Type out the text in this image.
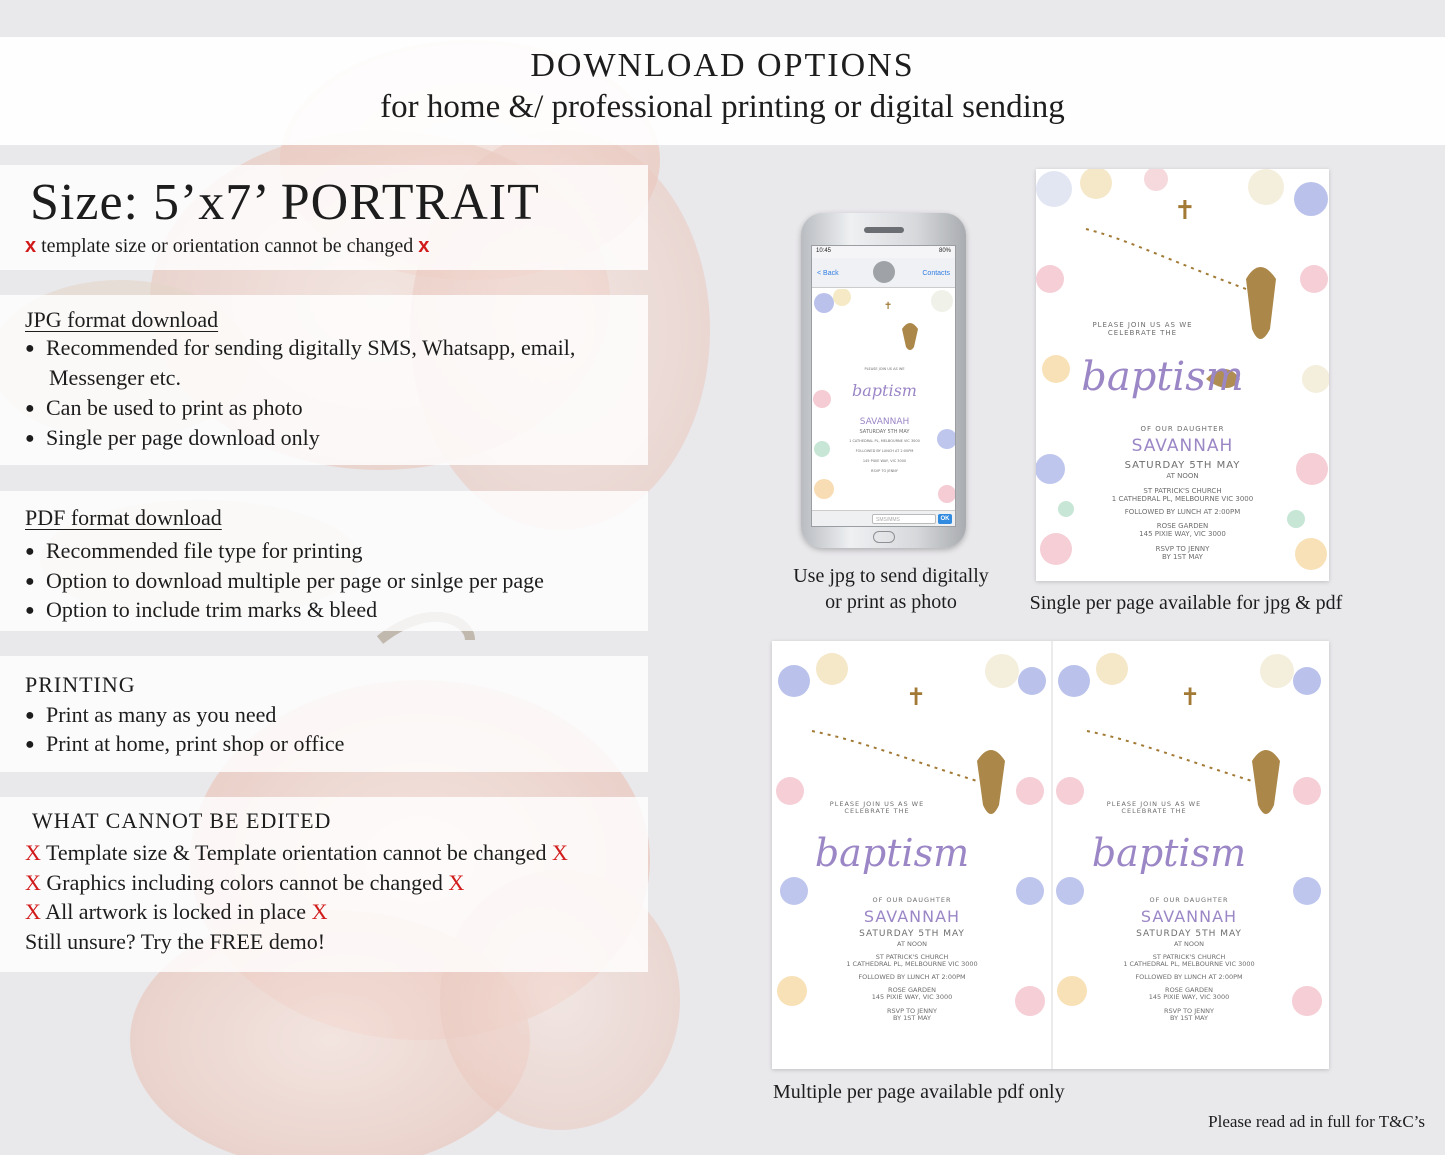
DOWNLOAD OPTIONS
for home &/ professional printing or digital sending
Size: 5’x7’ PORTRAIT
x template size or orientation cannot be changed x
JPG format download
● Recommended for sending digitally SMS, Whatsapp, email,
Messenger etc.
● Can be used to print as photo
● Single per page download only
PDF format download
● Recommended file type for printing
● Option to download multiple per page or sinlge per page
● Option to include trim marks & bleed
PRINTING
● Print as many as you need
● Print at home, print shop or office
WHAT CANNOT BE EDITED
X Template size & Template orientation cannot be changed X
X Graphics including colors cannot be changed X
X All artwork is locked in place X
Still unsure? Try the FREE demo!
10:45	80%
< Back	Contacts
✝
PLEASE JOIN US AS WE
baptism
SAVANNAH
SATURDAY 5TH MAY
1 CATHEDRAL PL, MELBOURNE VIC 3000
FOLLOWED BY LUNCH AT 2:00PM
145 PIXIE WAY, VIC 3000
RSVP TO JENNY
SMS/MMS	OK
Use jpg to send digitally
or print as photo
✝
PLEASE JOIN US AS WE
CELEBRATE THE
baptism
OF OUR DAUGHTER
SAVANNAH
SATURDAY 5TH MAY
AT NOON
ST PATRICK'S CHURCH
1 CATHEDRAL PL, MELBOURNE VIC 3000
FOLLOWED BY LUNCH AT 2:00PM
ROSE GARDEN
145 PIXIE WAY, VIC 3000
RSVP TO JENNY
BY 1ST MAY
Single per page available for jpg & pdf
✝	✝
PLEASE JOIN US AS WE
CELEBRATE THE
baptism
OF OUR DAUGHTER
SAVANNAH
SATURDAY 5TH MAY
AT NOON
ST PATRICK'S CHURCH
1 CATHEDRAL PL, MELBOURNE VIC 3000
FOLLOWED BY LUNCH AT 2:00PM
ROSE GARDEN
145 PIXIE WAY, VIC 3000
RSVP TO JENNY
BY 1ST MAY
PLEASE JOIN US AS WE
CELEBRATE THE
baptism
OF OUR DAUGHTER
SAVANNAH
SATURDAY 5TH MAY
AT NOON
ST PATRICK'S CHURCH
1 CATHEDRAL PL, MELBOURNE VIC 3000
FOLLOWED BY LUNCH AT 2:00PM
ROSE GARDEN
145 PIXIE WAY, VIC 3000
RSVP TO JENNY
BY 1ST MAY
Multiple per page available pdf only
Please read ad in full for T&C’s
